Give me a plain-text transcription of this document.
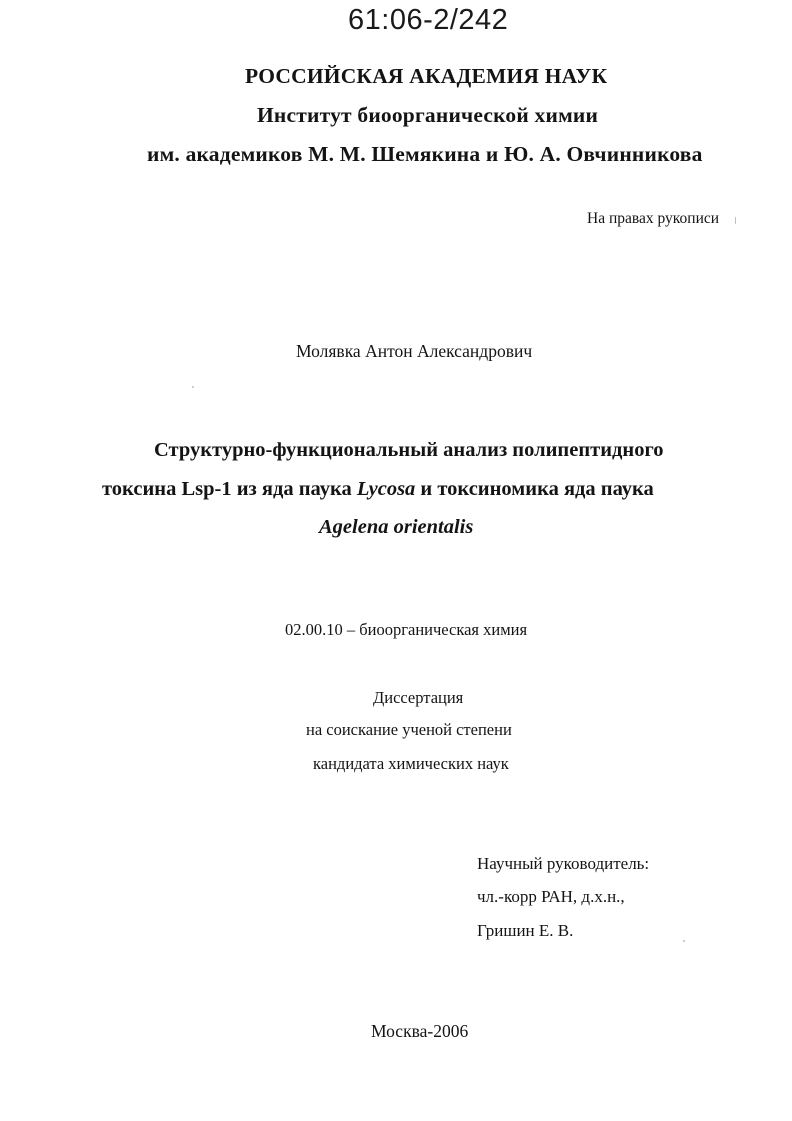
61:06-2/242
РОССИЙСКАЯ АКАДЕМИЯ НАУК
Институт биоорганической химии
им. академиков М. М. Шемякина и Ю. А. Овчинникова
На правах рукописи
Молявка Антон Александрович
Структурно-функциональный анализ полипептидного
токсина Lsp-1 из яда паука Lycosa и токсиномика яда паука
Agelena orientalis
02.00.10 – биоорганическая химия
Диссертация
на соискание ученой степени
кандидата химических наук
Научный руководитель:
чл.-корр РАН, д.х.н.,
Гришин Е. В.
Москва-2006
